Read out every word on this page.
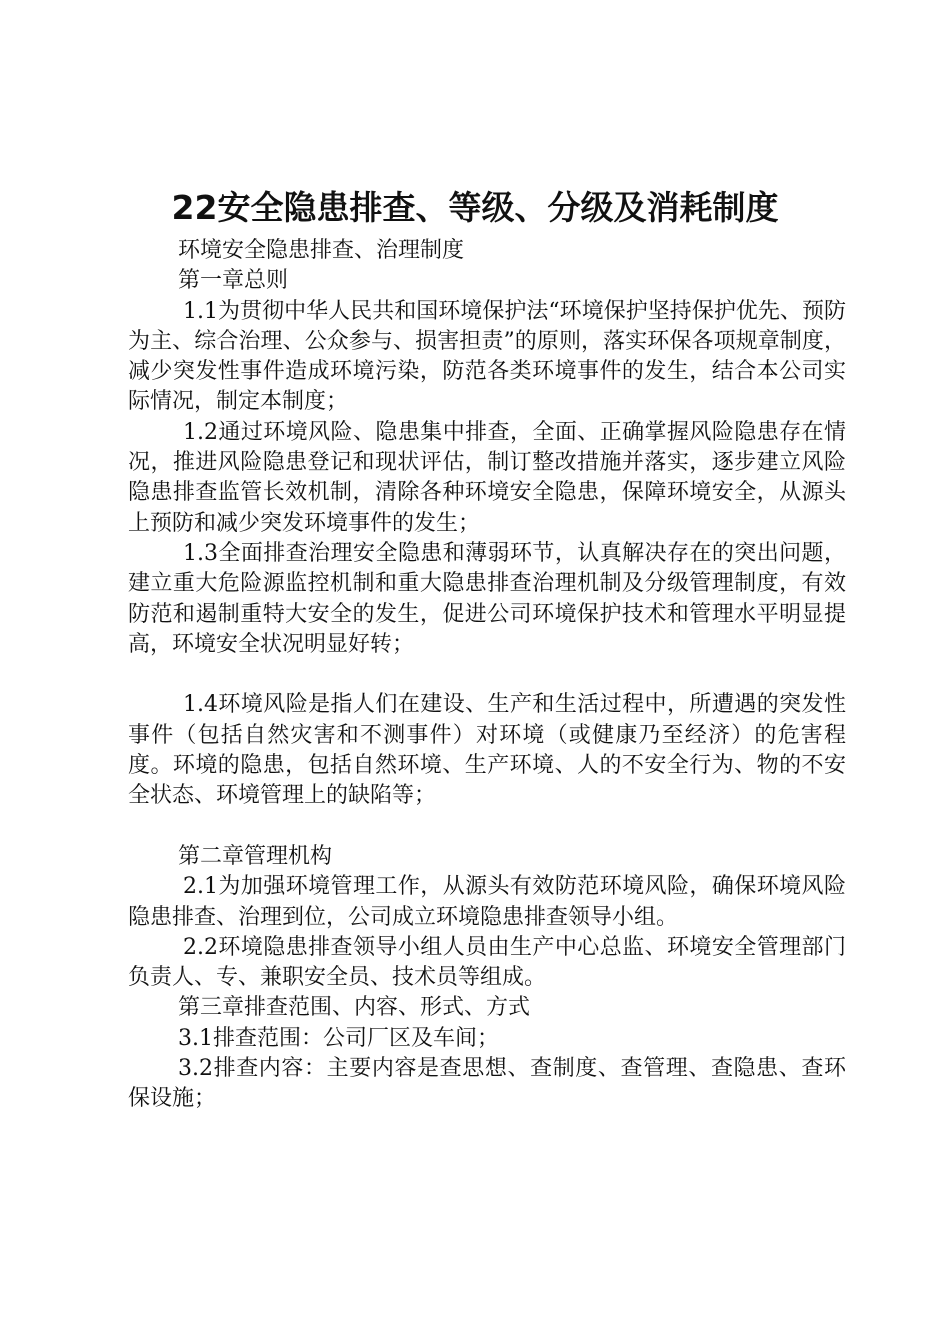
22安全隐患排查、等级、分级及消耗制度

环境安全隐患排查、治理制度

第一章总则

1.1为贯彻中华人民共和国环境保护法“环境保护坚持保护优先、预防为主、综合治理、公众参与、损害担责”的原则，落实环保各项规章制度，减少突发性事件造成环境污染，防范各类环境事件的发生，结合本公司实际情况，制定本制度；

1.2通过环境风险、隐患集中排查，全面、正确掌握风险隐患存在情况，推进风险隐患登记和现状评估，制订整改措施并落实，逐步建立风险隐患排查监管长效机制，清除各种环境安全隐患，保障环境安全，从源头上预防和减少突发环境事件的发生；

1.3全面排查治理安全隐患和薄弱环节，认真解决存在的突出问题，建立重大危险源监控机制和重大隐患排查治理机制及分级管理制度，有效防范和遏制重特大安全的发生，促进公司环境保护技术和管理水平明显提高，环境安全状况明显好转；

1.4环境风险是指人们在建设、生产和生活过程中，所遭遇的突发性事件（包括自然灾害和不测事件）对环境（或健康乃至经济）的危害程度。环境的隐患，包括自然环境、生产环境、人的不安全行为、物的不安全状态、环境管理上的缺陷等；

第二章管理机构

2.1为加强环境管理工作，从源头有效防范环境风险，确保环境风险隐患排查、治理到位，公司成立环境隐患排查领导小组。

2.2环境隐患排查领导小组人员由生产中心总监、环境安全管理部门负责人、专、兼职安全员、技术员等组成。

第三章排查范围、内容、形式、方式

3.1排查范围：公司厂区及车间；

3.2排查内容：主要内容是查思想、查制度、查管理、查隐患、查环保设施；
